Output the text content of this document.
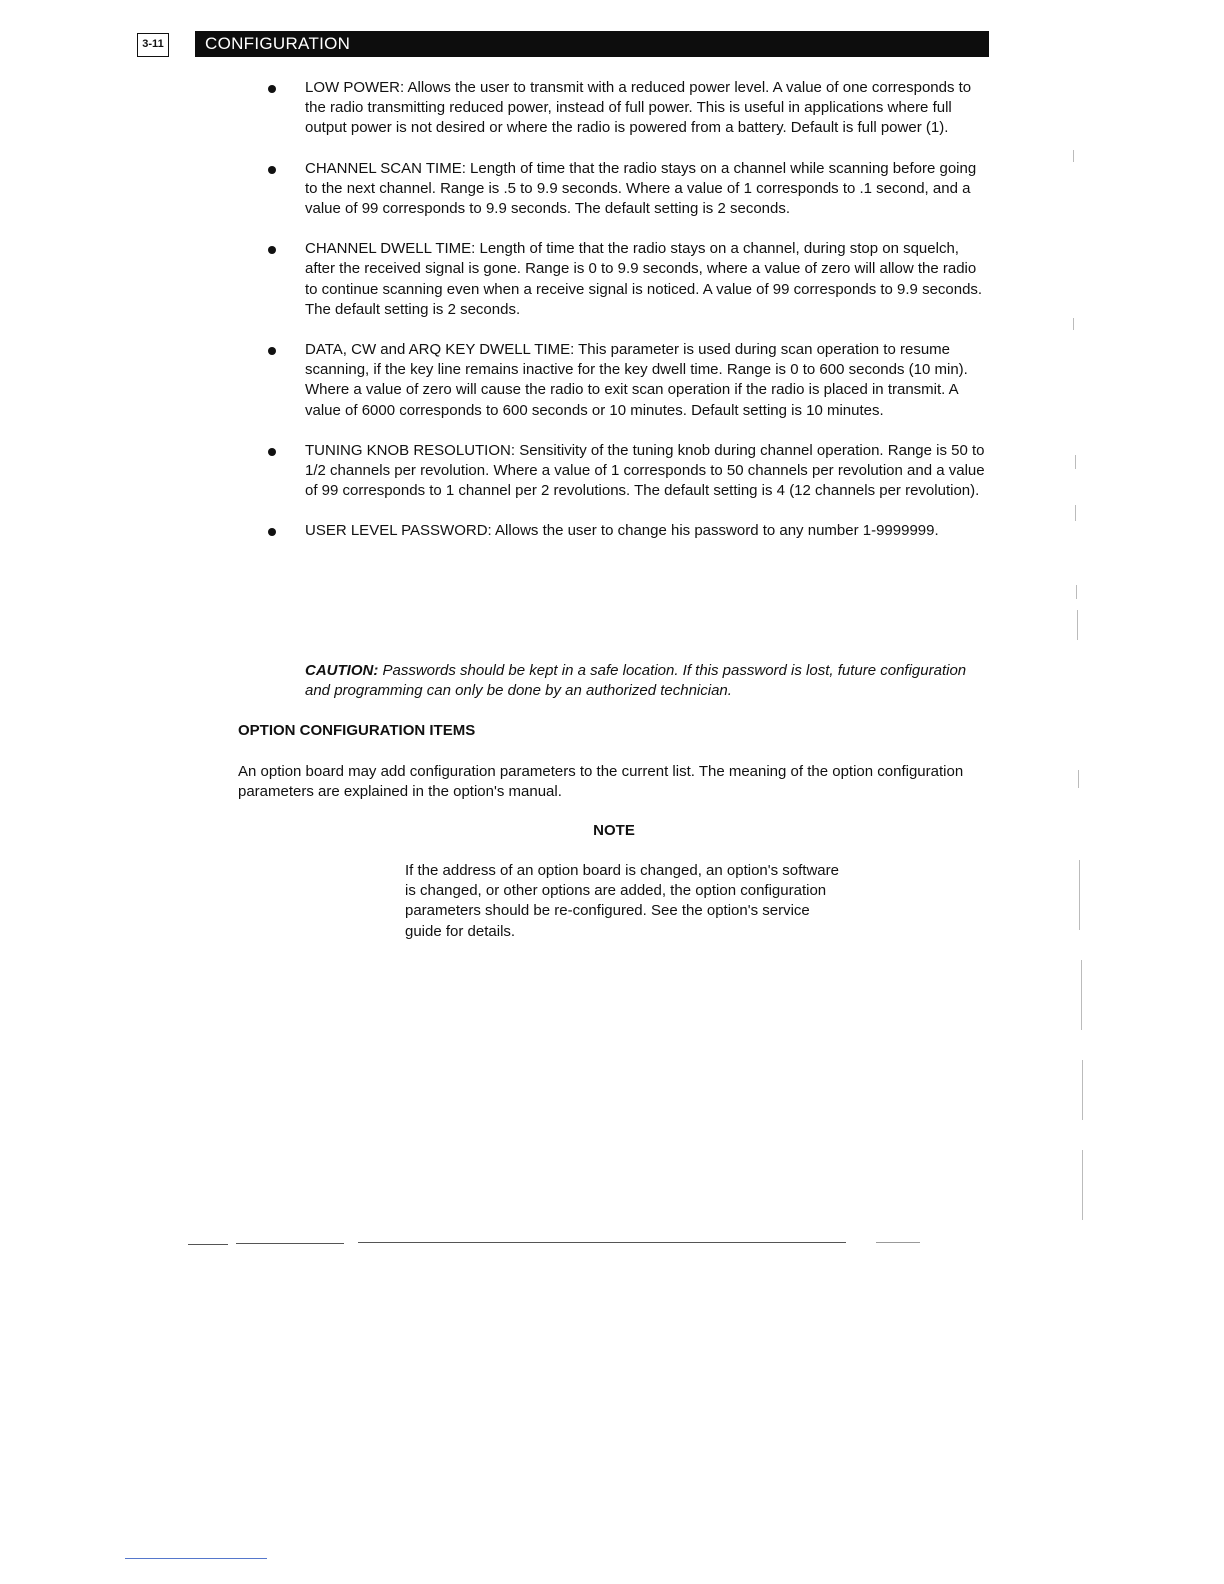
3-11	CONFIGURATION
LOW POWER: Allows the user to transmit with a reduced power level. A value of one corresponds to the radio transmitting reduced power, instead of full power. This is useful in applications where full output power is not desired or where the radio is powered from a battery. Default is full power (1).
CHANNEL SCAN TIME: Length of time that the radio stays on a channel while scanning before going to the next channel. Range is .5 to 9.9 seconds. Where a value of 1 corresponds to .1 second, and a value of 99 corresponds to 9.9 seconds. The default setting is 2 seconds.
CHANNEL DWELL TIME: Length of time that the radio stays on a channel, during stop on squelch, after the received signal is gone. Range is 0 to 9.9 seconds, where a value of zero will allow the radio to continue scanning even when a receive signal is noticed. A value of 99 corresponds to 9.9 seconds. The default setting is 2 seconds.
DATA, CW and ARQ KEY DWELL TIME: This parameter is used during scan operation to resume scanning, if the key line remains inactive for the key dwell time. Range is 0 to 600 seconds (10 min). Where a value of zero will cause the radio to exit scan operation if the radio is placed in transmit. A value of 6000 corresponds to 600 seconds or 10 minutes. Default setting is 10 minutes.
TUNING KNOB RESOLUTION: Sensitivity of the tuning knob during channel operation. Range is 50 to 1/2 channels per revolution. Where a value of 1 corresponds to 50 channels per revolution and a value of 99 corresponds to 1 channel per 2 revolutions. The default setting is 4 (12 channels per revolution).
USER LEVEL PASSWORD: Allows the user to change his password to any number 1-9999999.
CAUTION: Passwords should be kept in a safe location. If this password is lost, future configuration and programming can only be done by an authorized technician.
OPTION CONFIGURATION ITEMS
An option board may add configuration parameters to the current list. The meaning of the option configuration parameters are explained in the option's manual.
NOTE
If the address of an option board is changed, an option's software is changed, or other options are added, the option configuration parameters should be re-configured. See the option's service guide for details.
